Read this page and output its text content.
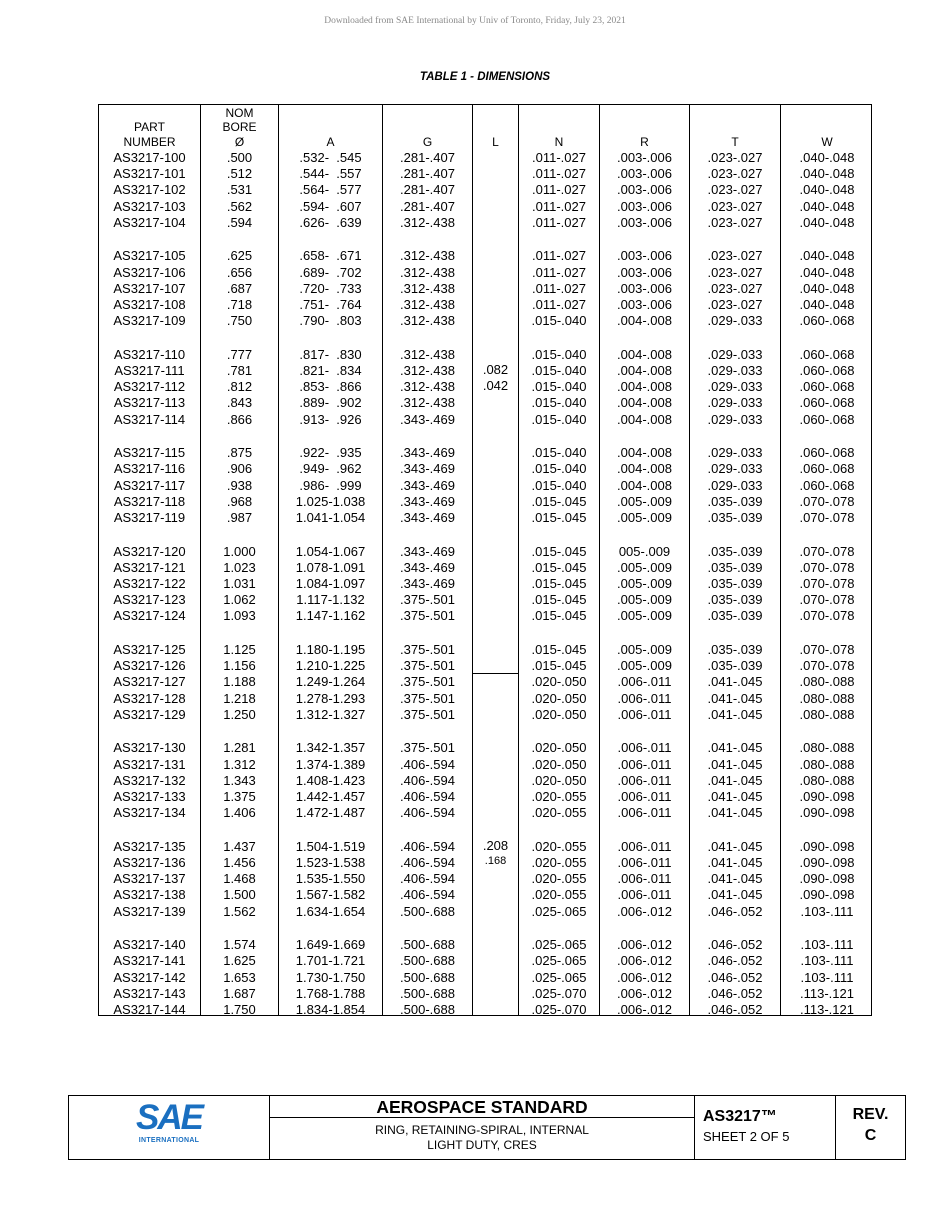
Downloaded from SAE International by Univ of Toronto, Friday, July 23, 2021
TABLE 1 - DIMENSIONS
PART
NUMBER
AS3217-100
AS3217-101
AS3217-102
AS3217-103
AS3217-104
AS3217-105
AS3217-106
AS3217-107
AS3217-108
AS3217-109
AS3217-110
AS3217-111
AS3217-112
AS3217-113
AS3217-114
AS3217-115
AS3217-116
AS3217-117
AS3217-118
AS3217-119
AS3217-120
AS3217-121
AS3217-122
AS3217-123
AS3217-124
AS3217-125
AS3217-126
AS3217-127
AS3217-128
AS3217-129
AS3217-130
AS3217-131
AS3217-132
AS3217-133
AS3217-134
AS3217-135
AS3217-136
AS3217-137
AS3217-138
AS3217-139
AS3217-140
AS3217-141
AS3217-142
AS3217-143
AS3217-144
NOM
BORE
Ø
.500
.512
.531
.562
.594
.625
.656
.687
.718
.750
.777
.781
.812
.843
.866
.875
.906
.938
.968
.987
1.000
1.023
1.031
1.062
1.093
1.125
1.156
1.188
1.218
1.250
1.281
1.312
1.343
1.375
1.406
1.437
1.456
1.468
1.500
1.562
1.574
1.625
1.653
1.687
1.750
A
.532-  .545
.544-  .557
.564-  .577
.594-  .607
.626-  .639
.658-  .671
.689-  .702
.720-  .733
.751-  .764
.790-  .803
.817-  .830
.821-  .834
.853-  .866
.889-  .902
.913-  .926
.922-  .935
.949-  .962
.986-  .999
1.025-1.038
1.041-1.054
1.054-1.067
1.078-1.091
1.084-1.097
1.117-1.132
1.147-1.162
1.180-1.195
1.210-1.225
1.249-1.264
1.278-1.293
1.312-1.327
1.342-1.357
1.374-1.389
1.408-1.423
1.442-1.457
1.472-1.487
1.504-1.519
1.523-1.538
1.535-1.550
1.567-1.582
1.634-1.654
1.649-1.669
1.701-1.721
1.730-1.750
1.768-1.788
1.834-1.854
G
.281-.407
.281-.407
.281-.407
.281-.407
.312-.438
.312-.438
.312-.438
.312-.438
.312-.438
.312-.438
.312-.438
.312-.438
.312-.438
.312-.438
.343-.469
.343-.469
.343-.469
.343-.469
.343-.469
.343-.469
.343-.469
.343-.469
.343-.469
.375-.501
.375-.501
.375-.501
.375-.501
.375-.501
.375-.501
.375-.501
.375-.501
.406-.594
.406-.594
.406-.594
.406-.594
.406-.594
.406-.594
.406-.594
.406-.594
.500-.688
.500-.688
.500-.688
.500-.688
.500-.688
.500-.688
L
.082
.042
.208
.168
N
.011-.027
.011-.027
.011-.027
.011-.027
.011-.027
.011-.027
.011-.027
.011-.027
.011-.027
.015-.040
.015-.040
.015-.040
.015-.040
.015-.040
.015-.040
.015-.040
.015-.040
.015-.040
.015-.045
.015-.045
.015-.045
.015-.045
.015-.045
.015-.045
.015-.045
.015-.045
.015-.045
.020-.050
.020-.050
.020-.050
.020-.050
.020-.050
.020-.050
.020-.055
.020-.055
.020-.055
.020-.055
.020-.055
.020-.055
.025-.065
.025-.065
.025-.065
.025-.065
.025-.070
.025-.070
R
.003-.006
.003-.006
.003-.006
.003-.006
.003-.006
.003-.006
.003-.006
.003-.006
.003-.006
.004-.008
.004-.008
.004-.008
.004-.008
.004-.008
.004-.008
.004-.008
.004-.008
.004-.008
.005-.009
.005-.009
005-.009
.005-.009
.005-.009
.005-.009
.005-.009
.005-.009
.005-.009
.006-.011
.006-.011
.006-.011
.006-.011
.006-.011
.006-.011
.006-.011
.006-.011
.006-.011
.006-.011
.006-.011
.006-.011
.006-.012
.006-.012
.006-.012
.006-.012
.006-.012
.006-.012
T
.023-.027
.023-.027
.023-.027
.023-.027
.023-.027
.023-.027
.023-.027
.023-.027
.023-.027
.029-.033
.029-.033
.029-.033
.029-.033
.029-.033
.029-.033
.029-.033
.029-.033
.029-.033
.035-.039
.035-.039
.035-.039
.035-.039
.035-.039
.035-.039
.035-.039
.035-.039
.035-.039
.041-.045
.041-.045
.041-.045
.041-.045
.041-.045
.041-.045
.041-.045
.041-.045
.041-.045
.041-.045
.041-.045
.041-.045
.046-.052
.046-.052
.046-.052
.046-.052
.046-.052
.046-.052
W
.040-.048
.040-.048
.040-.048
.040-.048
.040-.048
.040-.048
.040-.048
.040-.048
.040-.048
.060-.068
.060-.068
.060-.068
.060-.068
.060-.068
.060-.068
.060-.068
.060-.068
.060-.068
.070-.078
.070-.078
.070-.078
.070-.078
.070-.078
.070-.078
.070-.078
.070-.078
.070-.078
.080-.088
.080-.088
.080-.088
.080-.088
.080-.088
.080-.088
.090-.098
.090-.098
.090-.098
.090-.098
.090-.098
.090-.098
.103-.111
.103-.111
.103-.111
.103-.111
.113-.121
.113-.121
SAE
INTERNATIONAL
AEROSPACE STANDARD
RING, RETAINING-SPIRAL, INTERNAL
LIGHT DUTY, CRES
AS3217™
SHEET 2 OF 5
REV.
C
